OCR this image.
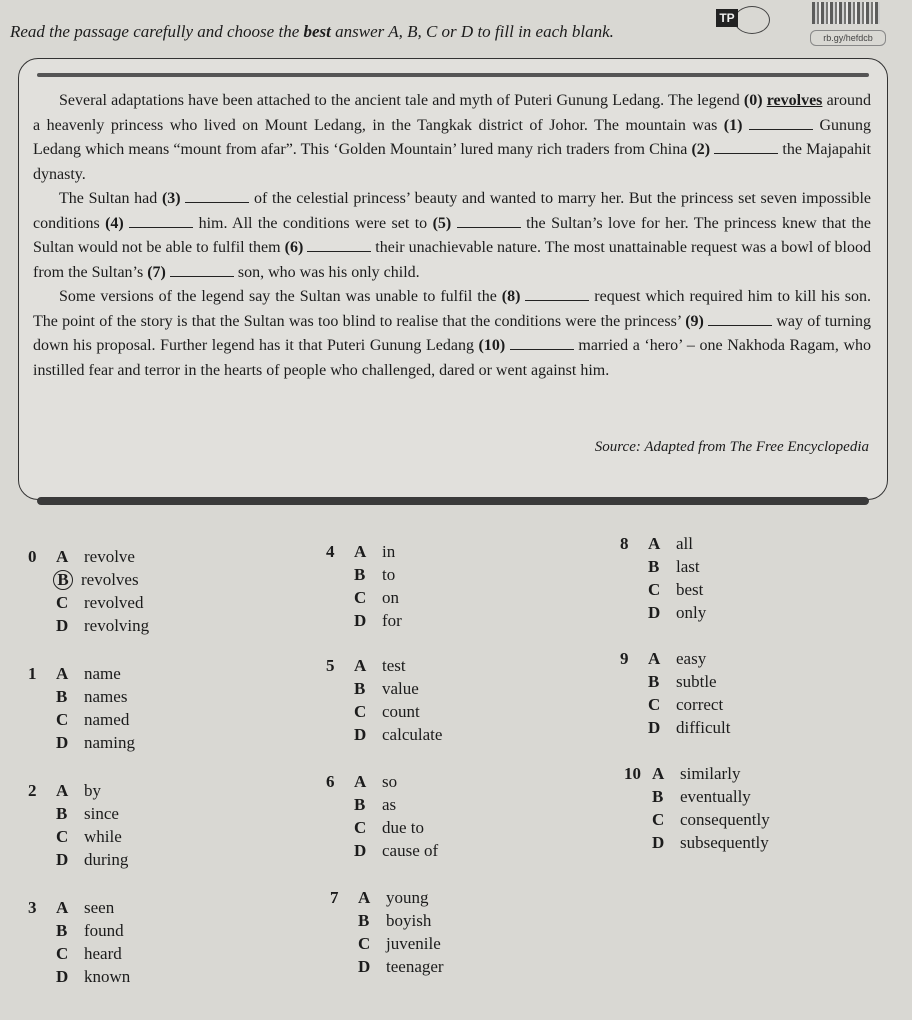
Read the passage carefully and choose the best answer A, B, C or D to fill in each blank.
TP
rb.gy/hefdcb

Several adaptations have been attached to the ancient tale and myth of Puteri Gunung Ledang. The legend (0) revolves around a heavenly princess who lived on Mount Ledang, in the Tangkak district of Johor. The mountain was (1)	Gunung Ledang which means “mount from afar”. This ‘Golden Mountain’ lured many rich traders from China (2)	the Majapahit dynasty.

The Sultan had (3)	of the celestial princess’ beauty and wanted to marry her. But the princess set seven impossible conditions (4)	him. All the conditions were set to (5)	the Sultan’s love for her. The princess knew that the Sultan would not be able to fulfil them (6)	their unachievable nature. The most unattainable request was a bowl of blood from the Sultan’s (7)	son, who was his only child.

Some versions of the legend say the Sultan was unable to fulfil the (8)	request which required him to kill his son. The point of the story is that the Sultan was too blind to realise that the conditions were the princess’ (9)	way of turning down his proposal. Further legend has it that Puteri Gunung Ledang (10)	married a ‘hero’ – one Nakhoda Ragam, who instilled fear and terror in the hearts of people who challenged, dared or went against him.

Source: Adapted from The Free Encyclopedia
0	A revolve
B revolves
C revolved
D revolving
1	A name
B names
C named
D naming
2	A by
B since
C while
D during
3	A seen
B found
C heard
D known
4	A in
B to
C on
D for
5	A test
B value
C count
D calculate
6	A so
B as
C due to
D cause of
7	A young
B boyish
C juvenile
D teenager
8	A all
B last
C best
D only
9	A easy
B subtle
C correct
D difficult
10 A similarly
B eventually
C consequently
D subsequently
